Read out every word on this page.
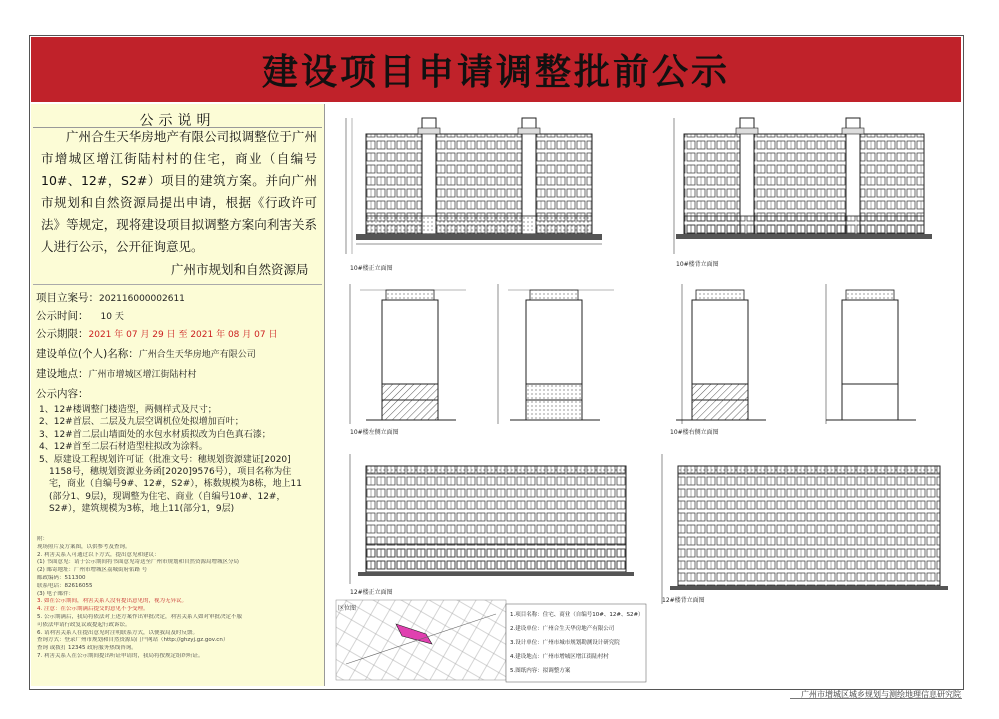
建设项目申请调整批前公示
公示说明
广州合生天华房地产有限公司拟调整位于广州市增城区增江街陆村村的住宅，商业（自编号10#、12#，S2#）项目的建筑方案。并向广州市规划和自然资源局提出申请，根据《行政许可法》等规定，现将建设项目拟调整方案向利害关系人进行公示，公开征询意见。
广州市规划和自然资源局
项目立案号：202116000002611
公示时间： 10 天
公示期限：2021 年 07 月 29 日 至 2021 年 08 月 07 日
建设单位(个人)名称：广州合生天华房地产有限公司
建设地点：广州市增城区增江街陆村村
公示内容：
1、12#楼调整门楼造型，两侧样式及尺寸；
2、12#首层、二层及九层空调机位处拟增加百叶；
3、12#首二层山墙面处的水包水材质拟改为白色真石漆；
4、12#首至二层石材造型柱拟改为涂料。
5、原建设工程规划许可证（批准文号：穗规划资源建证[2020]
1158号，穗规划资源业务函[2020]9576号），项目名称为住
宅，商业（自编号9#、12#，S2#），栋数规模为8栋，地上11
(部分1、9层)，现调整为住宅、商业（自编号10#、12#，
S2#），建筑规模为3栋，地上11(部分1，9层)
附：
现场照片及方案图，以供参考及查询。
2. 利害关系人可通过以下方式，提出意见和建议：
(1) 书面意见：请于公示期间将书面意见寄送至广州市规划和自然资源局增城区分局
(2) 邮寄地址：广州市增城区荔城街府佑路 号
邮政编码：511300
联系电话：82616055
(3) 电子邮件：
3. 如在公示期间，利害关系人没有提出意见的，视为无异议。
4. 注意：在公示期满后提交的意见不予受理。
5. 公示期满后，我局将依法对上述方案作出审批决定，利害关系人如对审批决定不服
可依法申请行政复议或提起行政诉讼。
6. 请利害关系人在提出意见时注明联系方式，以便我局及时反馈。
查询方式：登录广州市规划和自然资源局门户网站（http://ghzyj.gz.gov.cn）
查询 或拨打 12345 政府服务热线咨询。
7. 利害关系人在公示期间提出听证申请的，我局将按规定组织听证。
10#楼正立面图
10#楼背立面图
10#楼左侧立面图	10#楼右侧立面图
12#楼正立面图
12#楼背立面图
区位图
1.项目名称：住宅、商业（自编号10#、12#、S2#）
2.建设单位：广州合生天华房地产有限公司
3.设计单位：广州市城市规划勘测设计研究院
4.建设地点：广州市增城区增江街陆村村
5.图纸内容：拟调整方案
广州市增城区城乡规划与测绘地理信息研究院
